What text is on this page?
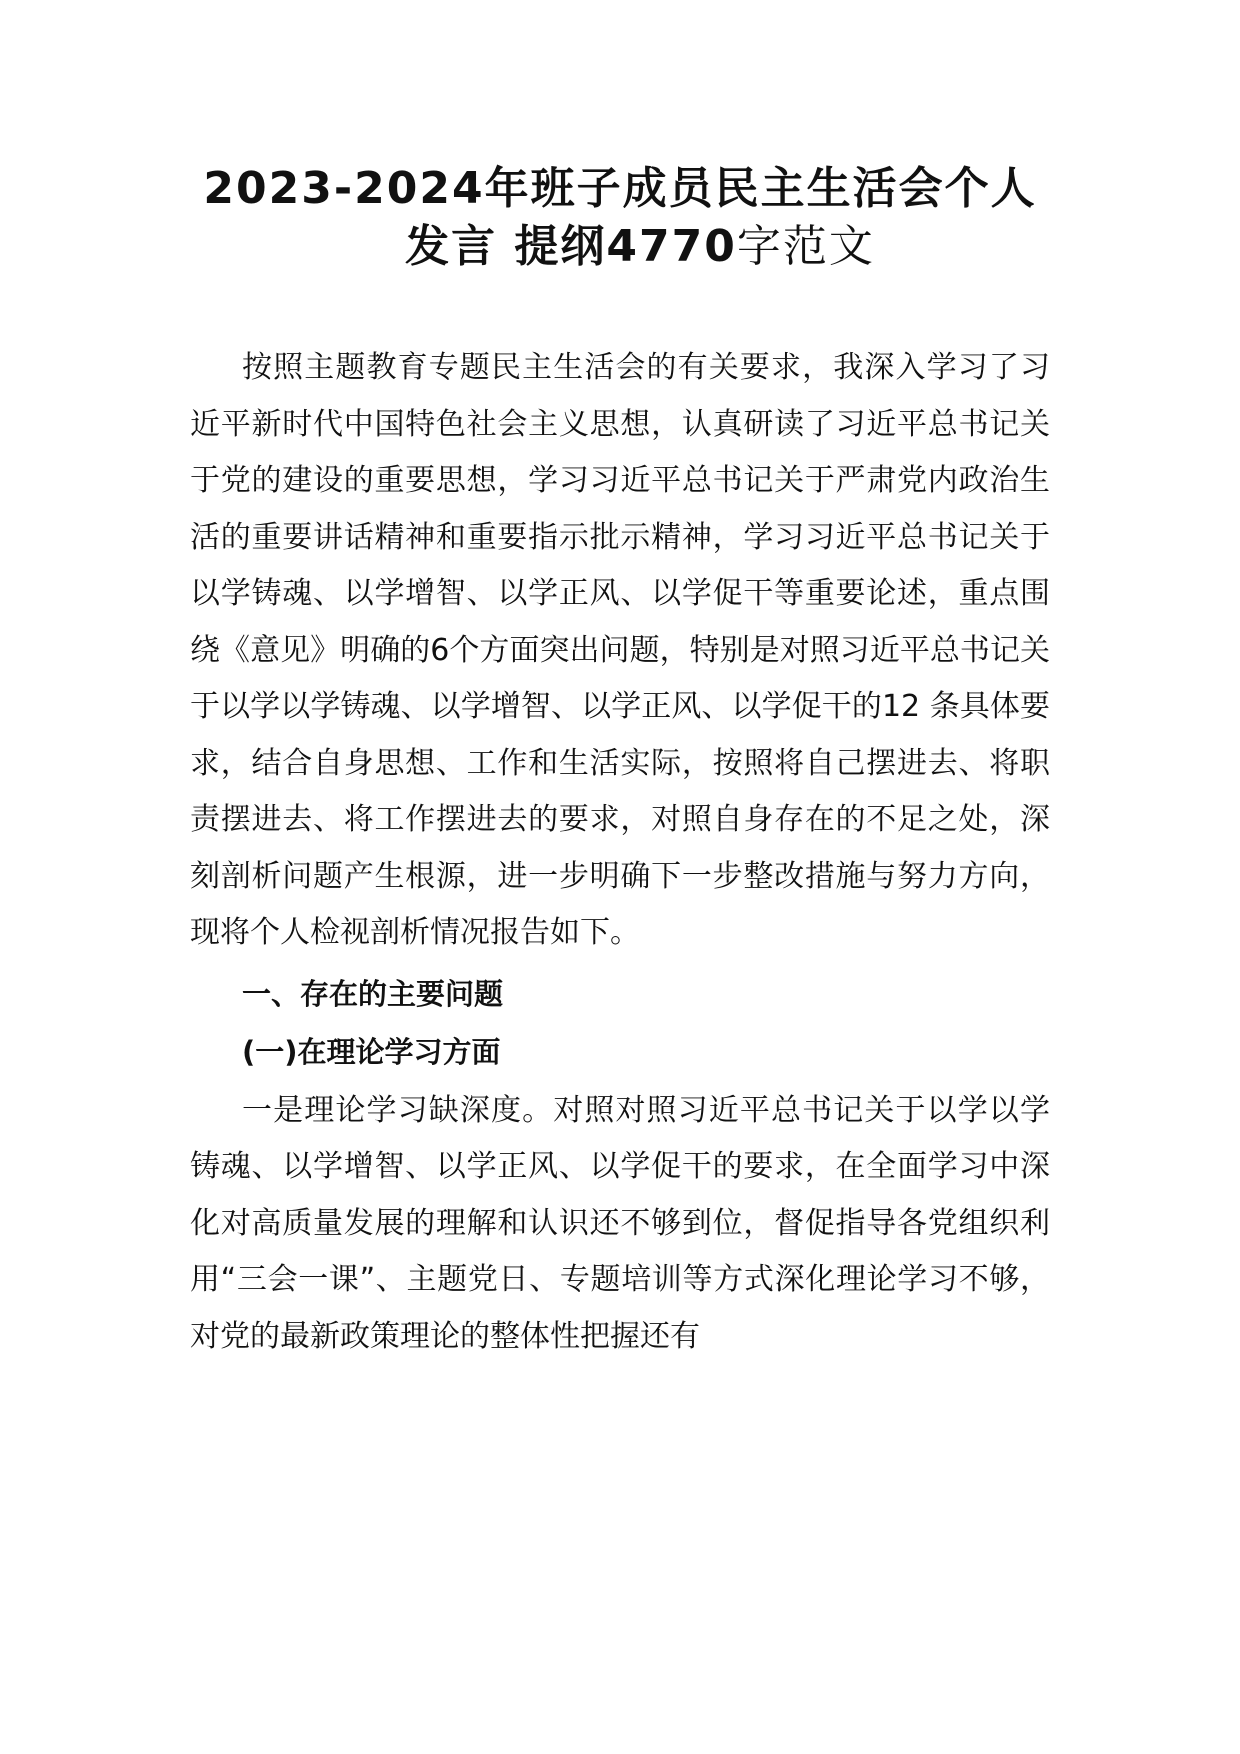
2023-2024年班子成员民主生活会个人
发言 提纲4770字范文

按照主题教育专题民主生活会的有关要求，我深入学习了习近平新时代中国特色社会主义思想，认真研读了习近平总书记关于党的建设的重要思想，学习习近平总书记关于严肃党内政治生活的重要讲话精神和重要指示批示精神，学习习近平总书记关于以学铸魂、以学增智、以学正风、以学促干等重要论述，重点围绕《意见》明确的6个方面突出问题，特别是对照习近平总书记关于以学以学铸魂、以学增智、以学正风、以学促干的12 条具体要求，结合自身思想、工作和生活实际，按照将自己摆进去、将职责摆进去、将工作摆进去的要求，对照自身存在的不足之处，深刻剖析问题产生根源，进一步明确下一步整改措施与努力方向，现将个人检视剖析情况报告如下。

一、存在的主要问题

(一)在理论学习方面

一是理论学习缺深度。对照对照习近平总书记关于以学以学铸魂、以学增智、以学正风、以学促干的要求，在全面学习中深化对高质量发展的理解和认识还不够到位，督促指导各党组织利用“三会一课”、主题党日、专题培训等方式深化理论学习不够，对党的最新政策理论的整体性把握还有
